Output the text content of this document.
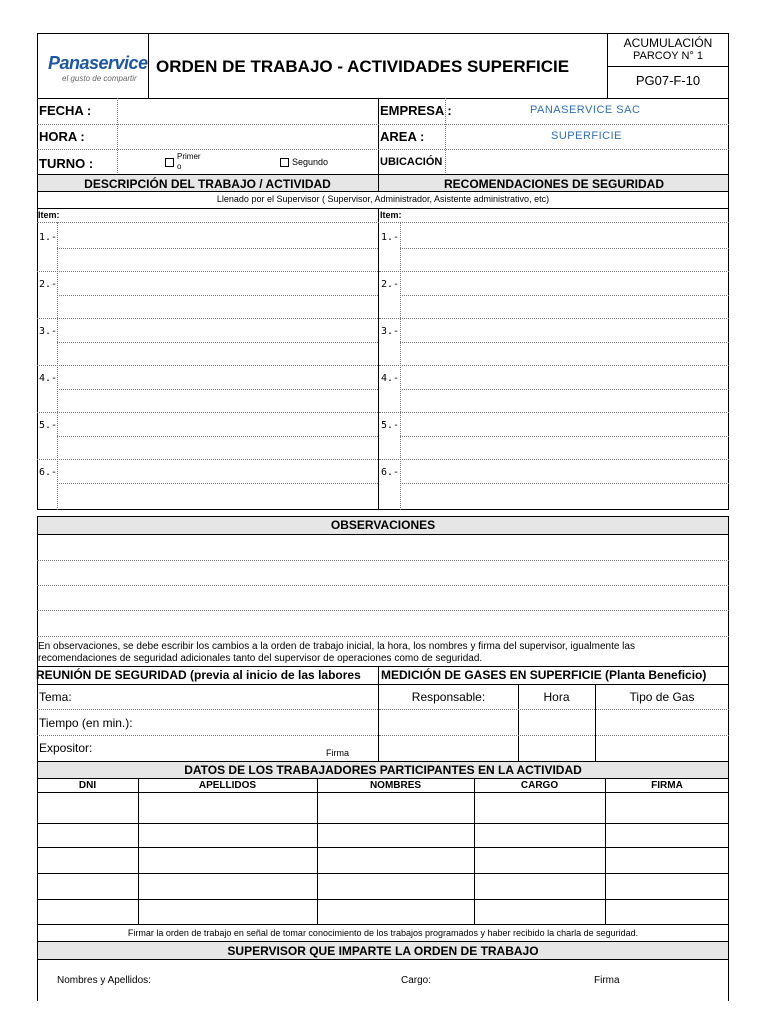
Panaservice
el gusto de compartir
ORDEN DE TRABAJO - ACTIVIDADES SUPERFICIE
ACUMULACIÓN
PARCOY N° 1
PG07-F-10
FECHA :
HORA :
TURNO :	Primer o	Segundo
EMPRESA :	PANASERVICE SAC
AREA :	SUPERFICIE
UBICACIÓN
DESCRIPCIÓN DEL TRABAJO / ACTIVIDAD	RECOMENDACIONES DE SEGURIDAD
Llenado por el Supervisor ( Supervisor, Administrador, Asistente administrativo, etc)
Item:	Item:
1.-
2.-
3.-
4.-
5.-
6.-
1.-
2.-
3.-
4.-
5.-
6.-
OBSERVACIONES
En observaciones, se debe escribir los cambios a la orden de trabajo inicial, la hora, los nombres y firma del supervisor, igualmente las
recomendaciones de seguridad adicionales tanto del supervisor de operaciones como de seguridad.
REUNIÓN DE SEGURIDAD (previa al inicio de las labores	MEDICIÓN DE GASES EN SUPERFICIE (Planta Beneficio)
Tema:
Tiempo (en min.):
Expositor:	Firma
Responsable:	Hora	Tipo de Gas
DATOS DE LOS TRABAJADORES PARTICIPANTES EN LA ACTIVIDAD
DNI	APELLIDOS	NOMBRES	CARGO	FIRMA
Firmar la orden de trabajo en señal de tomar conocimiento de los trabajos programados y haber recibido la charla de seguridad.
SUPERVISOR QUE IMPARTE LA ORDEN DE TRABAJO
Nombres y Apellidos:	Cargo:	Firma
